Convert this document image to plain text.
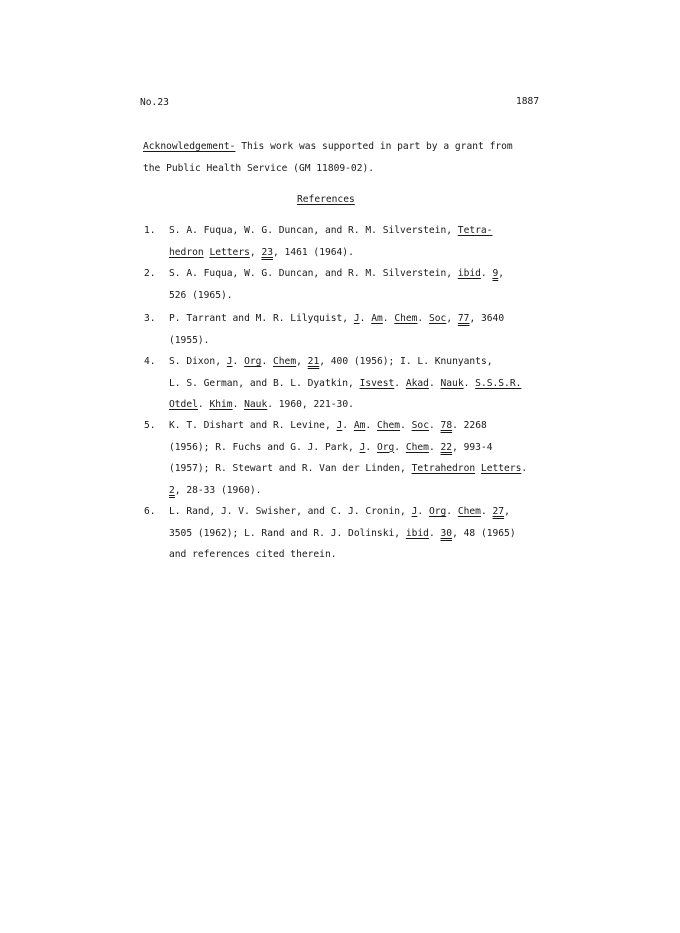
No.23	1887
Acknowledgement- This work was supported in part by a grant from
the Public Health Service (GM 11809-02).
References
1. S. A. Fuqua, W. G. Duncan, and R. M. Silverstein, Tetra-
hedron Letters, 23, 1461 (1964).
2. S. A. Fuqua, W. G. Duncan, and R. M. Silverstein, ibid. 9,
526 (1965).
3. P. Tarrant and M. R. Lilyquist, J. Am. Chem. Soc, 77, 3640
(1955).
4. S. Dixon, J. Org. Chem, 21, 400 (1956); I. L. Knunyants,
L. S. German, and B. L. Dyatkin, Isvest. Akad. Nauk. S.S.S.R.
Otdel. Khim. Nauk. 1960, 221-30.
5. K. T. Dishart and R. Levine, J. Am. Chem. Soc. 78. 2268
(1956); R. Fuchs and G. J. Park, J. Org. Chem. 22, 993-4
(1957); R. Stewart and R. Van der Linden, Tetrahedron Letters.
2, 28-33 (1960).
6. L. Rand, J. V. Swisher, and C. J. Cronin, J. Org. Chem. 27,
3505 (1962); L. Rand and R. J. Dolinski, ibid. 30, 48 (1965)
and references cited therein.
